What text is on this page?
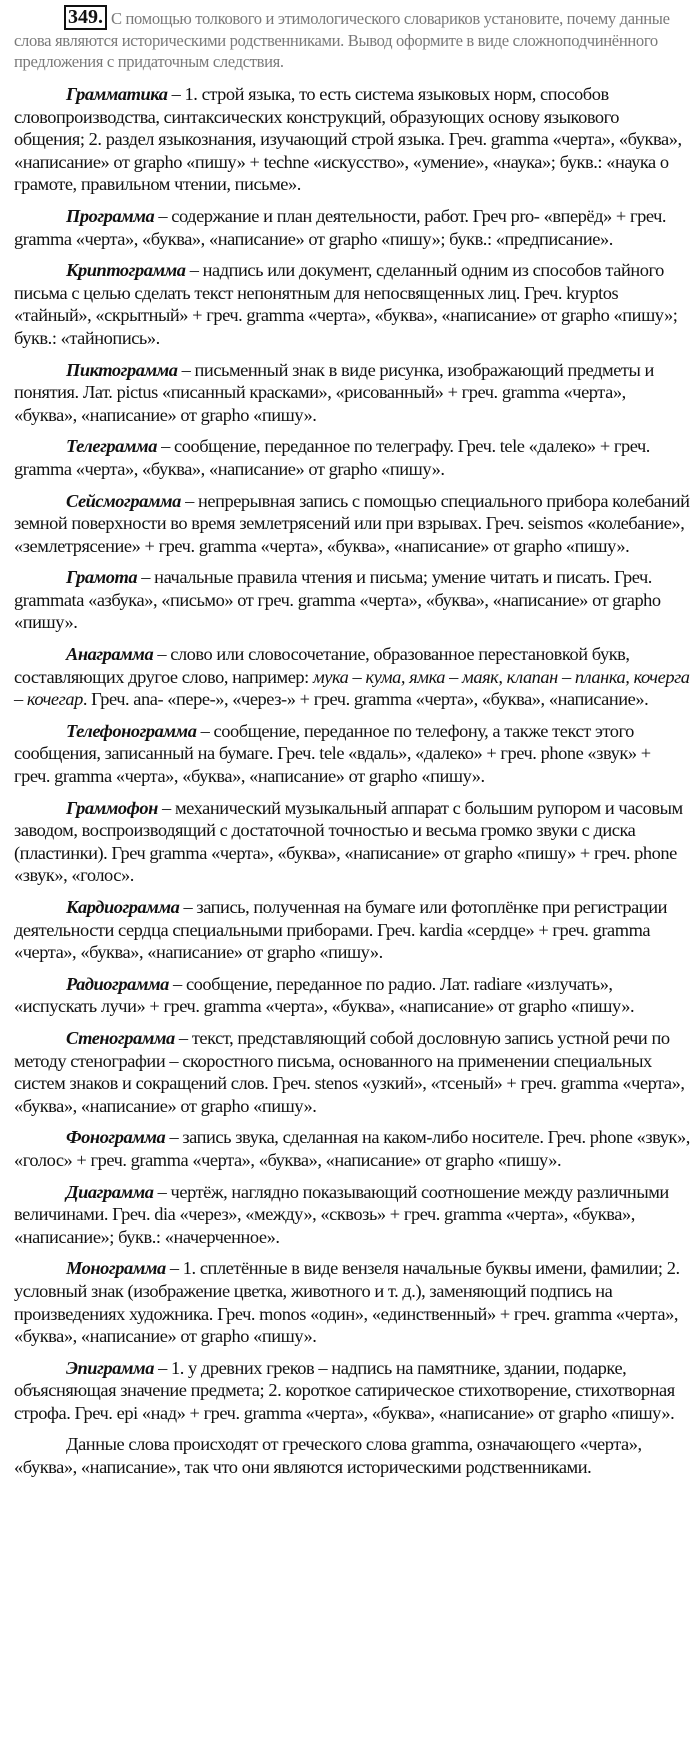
349. С помощью толкового и этимологического словариков установите, почему данные слова являются историческими родственниками. Вывод оформите в виде сложноподчинённого предложения с придаточным следствия.

Грамматика – 1. строй языка, то есть система языковых норм, способов словопроизводства, синтаксических конструкций, образующих основу языкового общения; 2. раздел языкознания, изучающий строй языка. Греч. gramma «черта», «буква», «написание» от grapho «пишу» + techne «искусство», «умение», «наука»; букв.: «наука о грамоте, правильном чтении, письме».

Программа – содержание и план деятельности, работ. Греч pro- «вперёд» + греч. gramma «черта», «буква», «написание» от grapho «пишу»; букв.: «предписание».

Криптограмма – надпись или документ, сделанный одним из способов тайного письма с целью сделать текст непонятным для непосвященных лиц. Греч. kryptos «тайный», «скрытный» + греч. gramma «черта», «буква», «написание» от grapho «пишу»; букв.: «тайнопись».

Пиктограмма – письменный знак в виде рисунка, изображающий предметы и понятия. Лат. pictus «писанный красками», «рисованный» + греч. gramma «черта», «буква», «написание» от grapho «пишу».

Телеграмма – сообщение, переданное по телеграфу. Греч. tele «далеко» + греч. gramma «черта», «буква», «написание» от grapho «пишу».

Сейсмограмма – непрерывная запись с помощью специального прибора колебаний земной поверхности во время землетрясений или при взрывах. Греч. seismos «колебание», «землетрясение» + греч. gramma «черта», «буква», «написание» от grapho «пишу».

Грамота – начальные правила чтения и письма; умение читать и писать. Греч. grammata «азбука», «письмо» от греч. gramma «черта», «буква», «написание» от grapho «пишу».

Анаграмма – слово или словосочетание, образованное перестановкой букв, составляющих другое слово, например: мука – кума, ямка – маяк, клапан – планка, кочерга – кочегар. Греч. ana- «пере-», «через-» + греч. gramma «черта», «буква», «написание».

Телефонограмма – сообщение, переданное по телефону, а также текст этого сообщения, записанный на бумаге. Греч. tele «вдаль», «далеко» + греч. phone «звук» + греч. gramma «черта», «буква», «написание» от grapho «пишу».

Граммофон – механический музыкальный аппарат с большим рупором и часовым заводом, воспроизводящий с достаточной точностью и весьма громко звуки с диска (пластинки). Греч gramma «черта», «буква», «написание» от grapho «пишу» + греч. phone «звук», «голос».

Кардиограмма – запись, полученная на бумаге или фотоплёнке при регистрации деятельности сердца специальными приборами. Греч. kardia «сердце» + греч. gramma «черта», «буква», «написание» от grapho «пишу».

Радиограмма – сообщение, переданное по радио. Лат. radiare «излучать», «испускать лучи» + греч. gramma «черта», «буква», «написание» от grapho «пишу».

Стенограмма – текст, представляющий собой дословную запись устной речи по методу стенографии – скоростного письма, основанного на применении специальных систем знаков и сокращений слов. Греч. stenos «узкий», «тсеный» + греч. gramma «черта», «буква», «написание» от grapho «пишу».

Фонограмма – запись звука, сделанная на каком-либо носителе. Греч. phone «звук», «голос» + греч. gramma «черта», «буква», «написание» от grapho «пишу».

Диаграмма – чертёж, наглядно показывающий соотношение между различными величинами. Греч. dia «через», «между», «сквозь» + греч. gramma «черта», «буква», «написание»; букв.: «начерченное».

Монограмма – 1. сплетённые в виде вензеля начальные буквы имени, фамилии; 2. условный знак (изображение цветка, животного и т. д.), заменяющий подпись на произведениях художника. Греч. monos «один», «единственный» + греч. gramma «черта», «буква», «написание» от grapho «пишу».

Эпиграмма – 1. у древних греков – надпись на памятнике, здании, подарке, объясняющая значение предмета; 2. короткое сатирическое стихотворение, стихотворная строфа. Греч. epi «над» + греч. gramma «черта», «буква», «написание» от grapho «пишу».

Данные слова происходят от греческого слова gramma, означающего «черта», «буква», «написание», так что они являются историческими родственниками.
